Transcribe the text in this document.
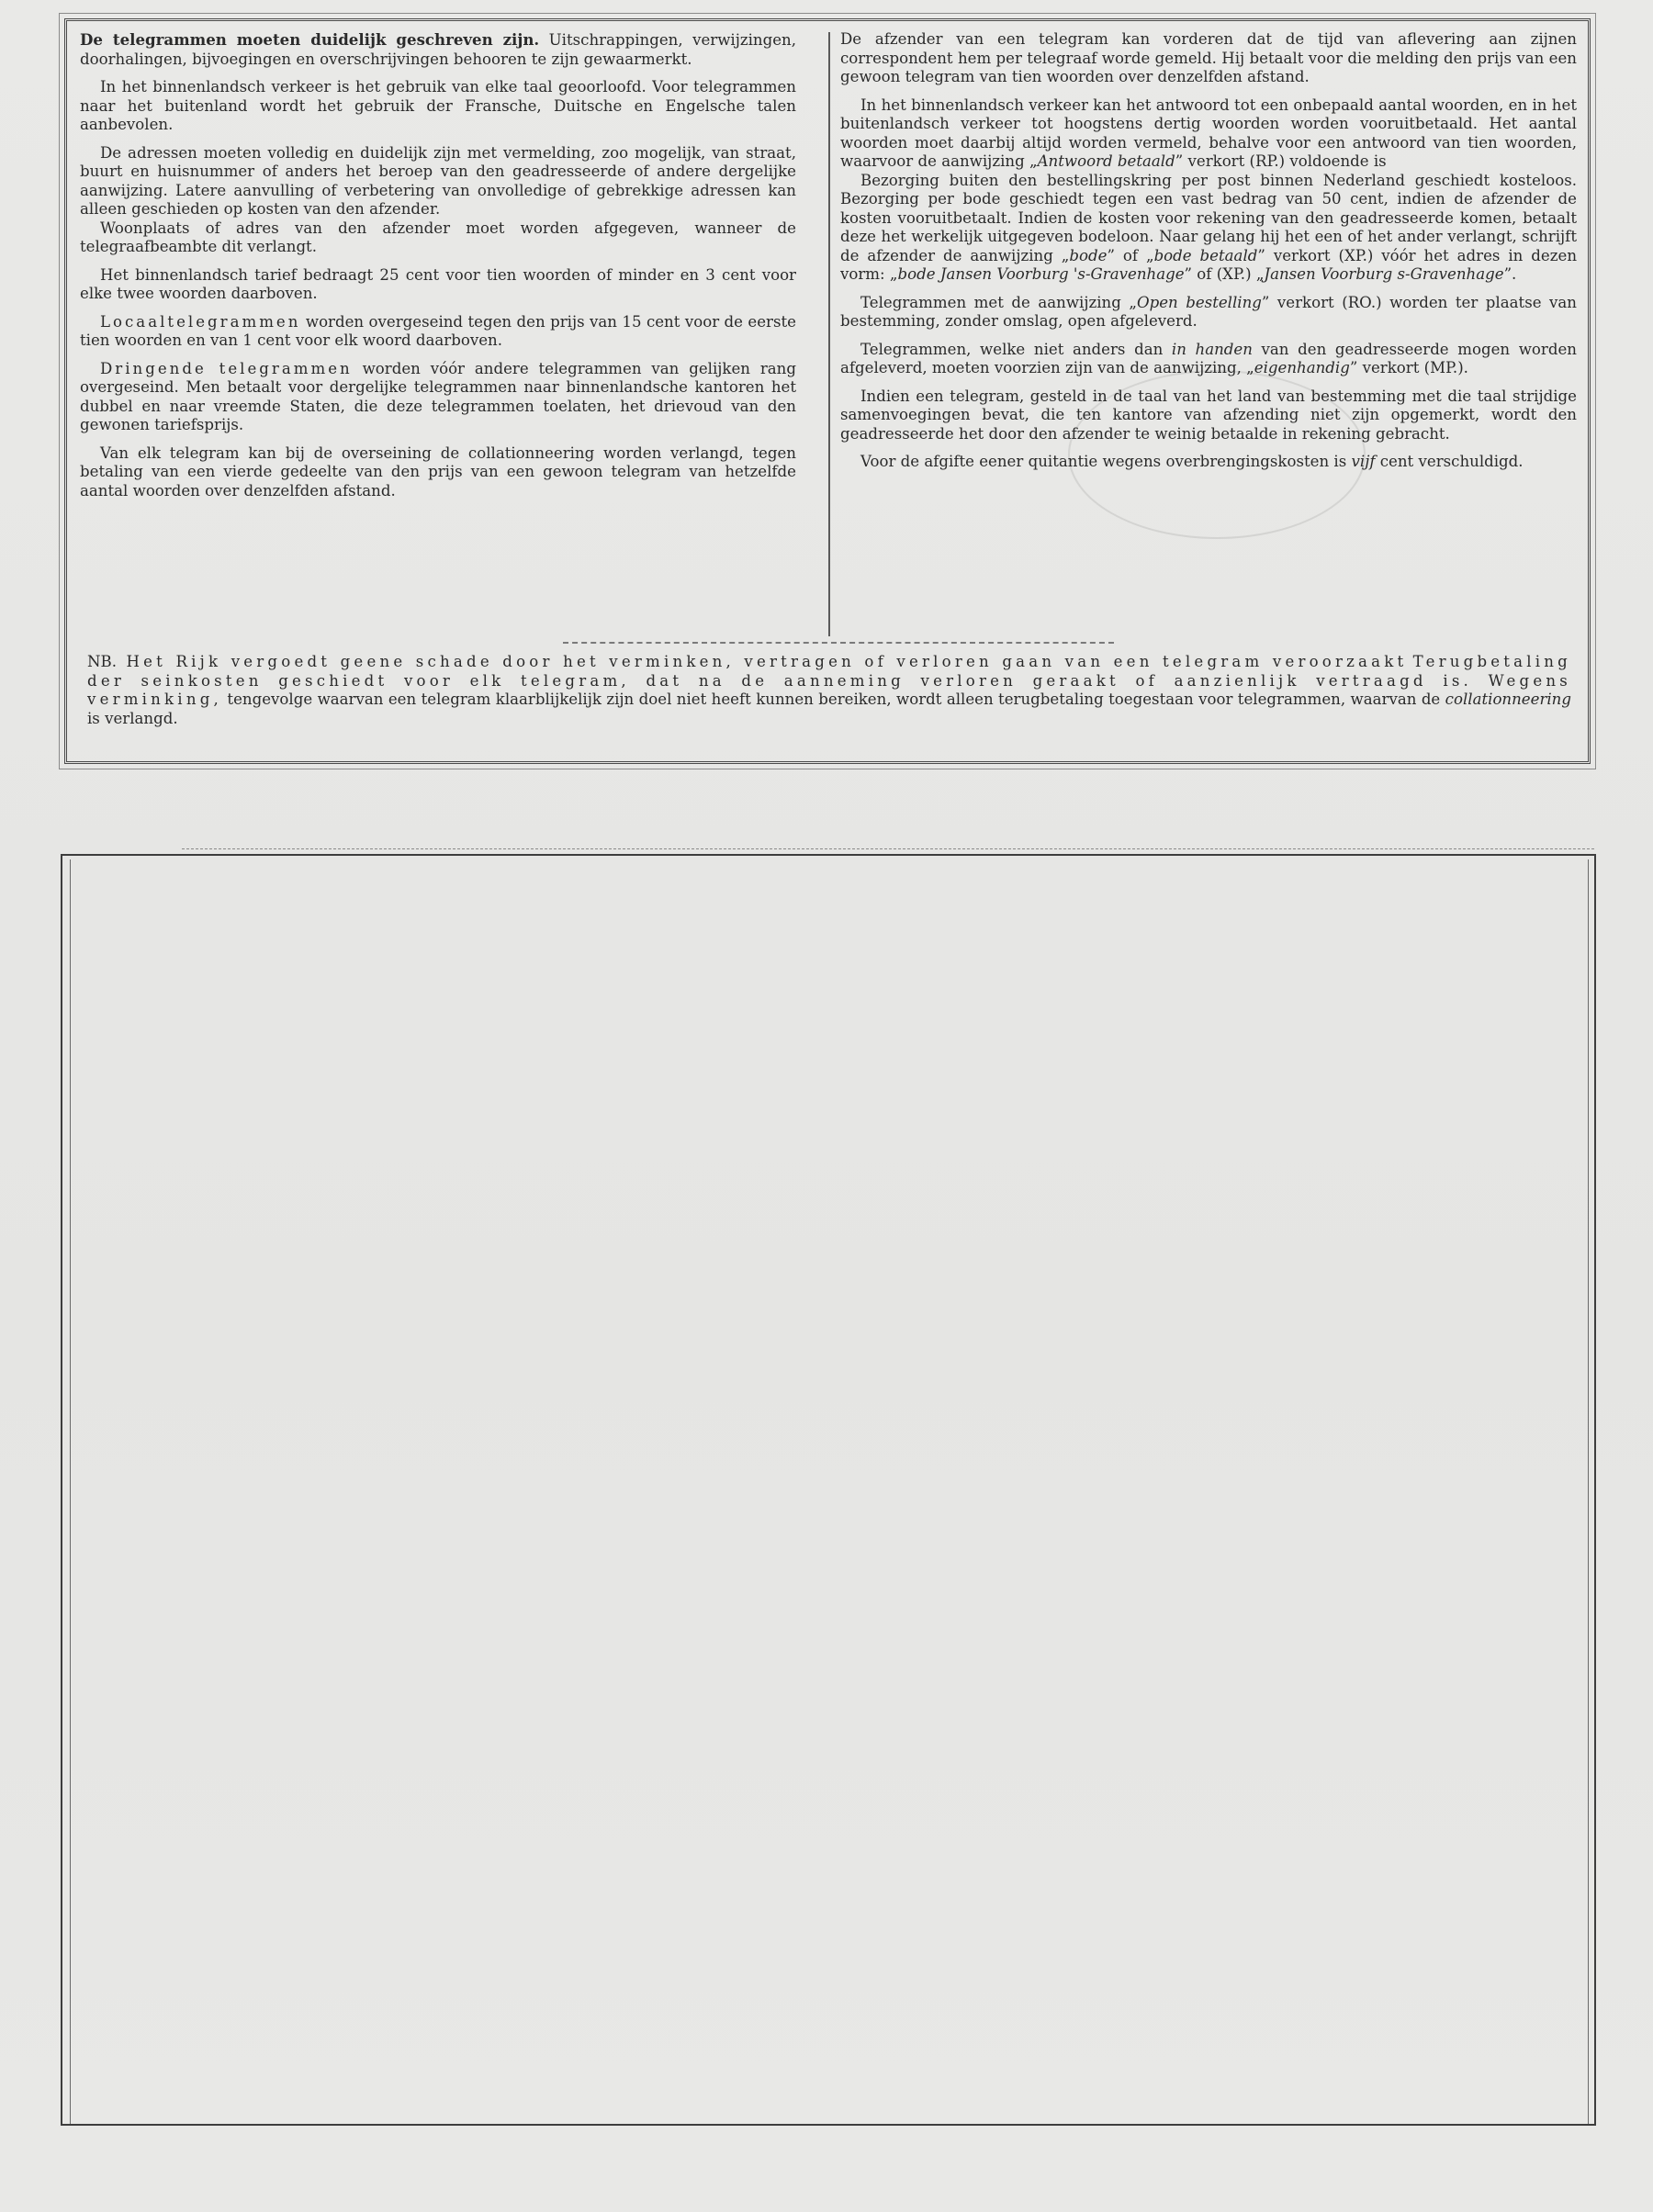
De telegrammen moeten duidelijk geschreven zijn. Uitschrappingen, verwijzingen, doorhalingen, bijvoegingen en overschrijvingen behooren te zijn gewaarmerkt.

In het binnenlandsch verkeer is het gebruik van elke taal geoorloofd. Voor telegrammen naar het buitenland wordt het gebruik der Fransche, Duitsche en Engelsche talen aanbevolen.

De adressen moeten volledig en duidelijk zijn met vermelding, zoo mogelijk, van straat, buurt en huisnummer of anders het beroep van den geadresseerde of andere dergelijke aanwijzing. Latere aanvulling of verbetering van onvolledige of gebrekkige adressen kan alleen geschieden op kosten van den afzender.

Woonplaats of adres van den afzender moet worden afgegeven, wanneer de telegraafbeambte dit verlangt.

Het binnenlandsch tarief bedraagt 25 cent voor tien woorden of minder en 3 cent voor elke twee woorden daarboven.

Locaaltelegrammen worden overgeseind tegen den prijs van 15 cent voor de eerste tien woorden en van 1 cent voor elk woord daarboven.

Dringende telegrammen worden vóór andere telegrammen van gelijken rang overgeseind. Men betaalt voor dergelijke telegrammen naar binnenlandsche kantoren het dubbel en naar vreemde Staten, die deze telegrammen toelaten, het drievoud van den gewonen tariefsprijs.

Van elk telegram kan bij de overseining de collationneering worden verlangd, tegen betaling van een vierde gedeelte van den prijs van een gewoon telegram van hetzelfde aantal woorden over denzelfden afstand.

De afzender van een telegram kan vorderen dat de tijd van aflevering aan zijnen correspondent hem per telegraaf worde gemeld. Hij betaalt voor die melding den prijs van een gewoon telegram van tien woorden over denzelfden afstand.

In het binnenlandsch verkeer kan het antwoord tot een onbepaald aantal woorden, en in het buitenlandsch verkeer tot hoogstens dertig woorden worden vooruitbetaald. Het aantal woorden moet daarbij altijd worden vermeld, behalve voor een antwoord van tien woorden, waarvoor de aanwijzing „Antwoord betaald” verkort (RP.) voldoende is

Bezorging buiten den bestellingskring per post binnen Nederland geschiedt kosteloos. Bezorging per bode geschiedt tegen een vast bedrag van 50 cent, indien de afzender de kosten vooruitbetaalt. Indien de kosten voor rekening van den geadresseerde komen, betaalt deze het werkelijk uitgegeven bodeloon. Naar gelang hij het een of het ander verlangt, schrijft de afzender de aanwijzing „bode” of „bode betaald” verkort (XP.) vóór het adres in dezen vorm: „bode Jansen Voorburg 's-Gravenhage” of (XP.) „Jansen Voorburg s-Gravenhage”.

Telegrammen met de aanwijzing „Open bestelling” verkort (RO.) worden ter plaatse van bestemming, zonder omslag, open afgeleverd.

Telegrammen, welke niet anders dan in handen van den geadresseerde mogen worden afgeleverd, moeten voorzien zijn van de aanwijzing, „eigenhandig” verkort (MP.).

Indien een telegram, gesteld in de taal van het land van bestemming met die taal strijdige samenvoegingen bevat, die ten kantore van afzending niet zijn opgemerkt, wordt den geadresseerde het door den afzender te weinig betaalde in rekening gebracht.

Voor de afgifte eener quitantie wegens overbrengingskosten is vijf cent verschuldigd.

NB. Het Rijk vergoedt geene schade door het verminken, vertragen of verloren gaan van een telegram veroorzaakt Terugbetaling der seinkosten geschiedt voor elk telegram, dat na de aanneming verloren geraakt of aanzienlijk vertraagd is. Wegens verminking, tengevolge waarvan een telegram klaarblijkelijk zijn doel niet heeft kunnen bereiken, wordt alleen terugbetaling toegestaan voor telegrammen, waarvan de collationneering is verlangd.
